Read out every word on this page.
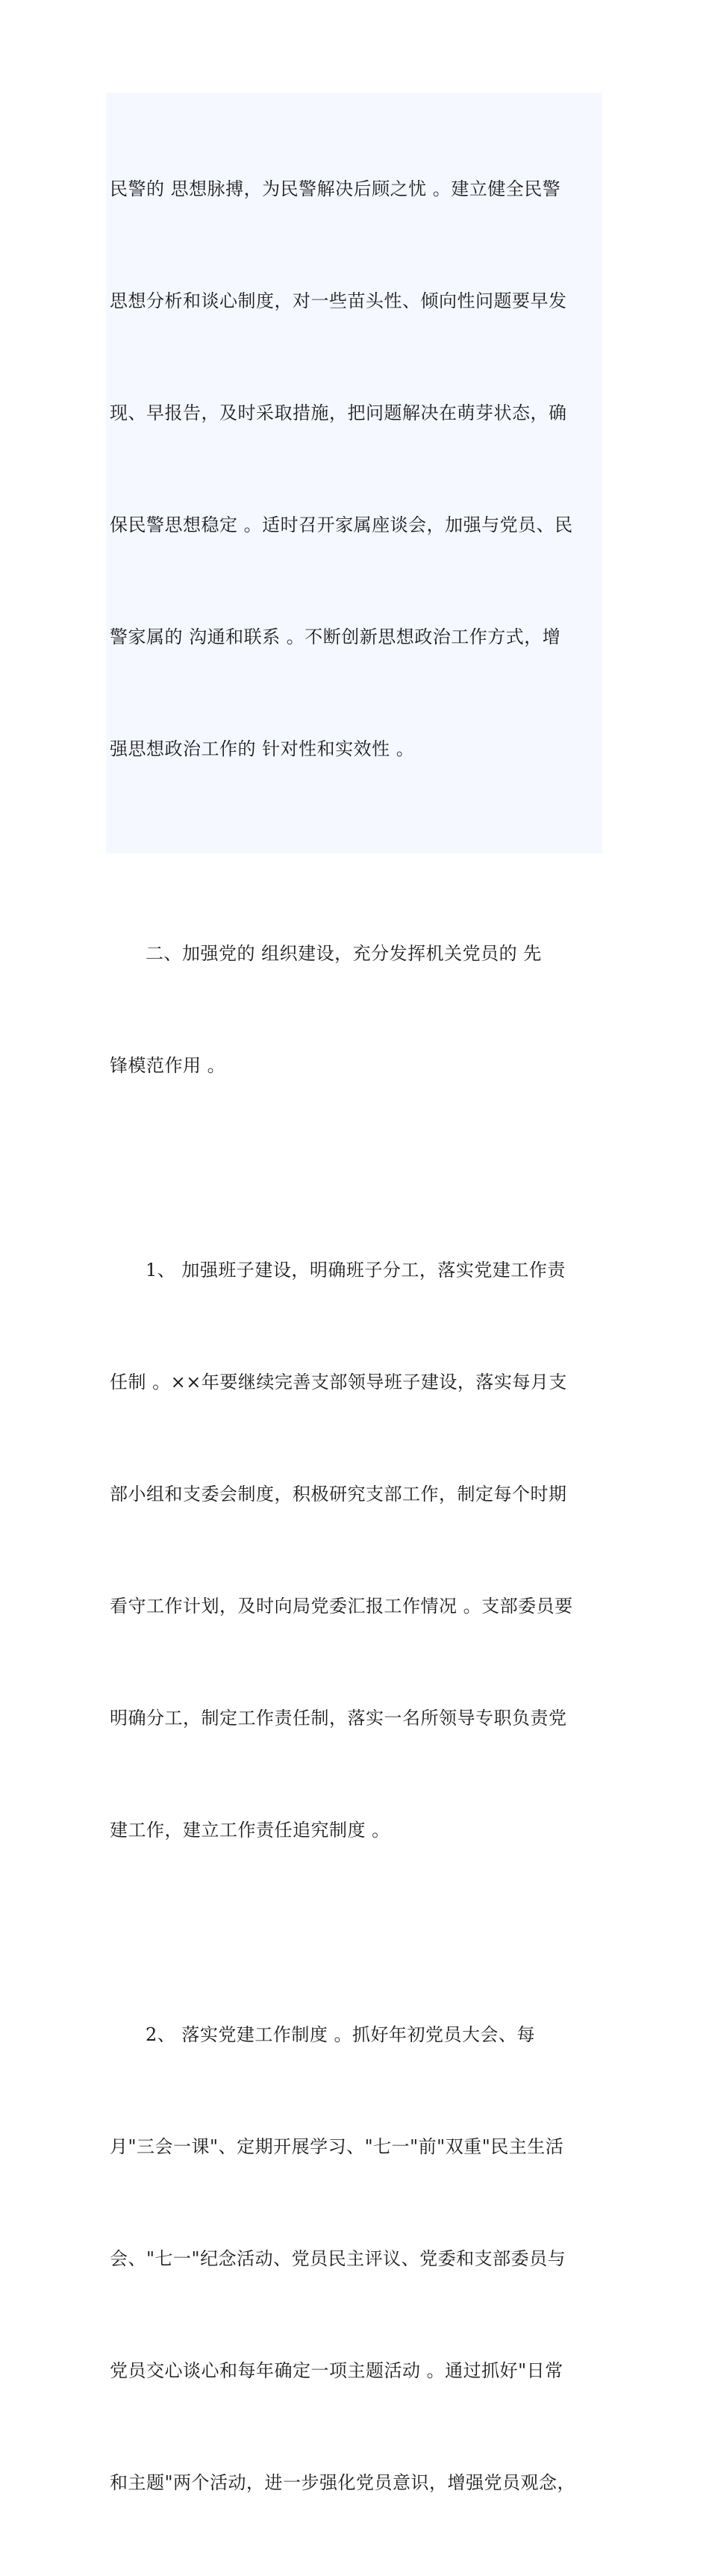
民警的 思想脉搏，为民警解决后顾之忧 。建立健全民警

思想分析和谈心制度，对一些苗头性、倾向性问题要早发

现、早报告，及时采取措施，把问题解决在萌芽状态，确

保民警思想稳定 。适时召开家属座谈会，加强与党员、民

警家属的 沟通和联系 。不断创新思想政治工作方式，增

强思想政治工作的 针对性和实效性 。

二、加强党的 组织建设，充分发挥机关党员的 先

锋模范作用 。

1、 加强班子建设，明确班子分工，落实党建工作责

任制 。××年要继续完善支部领导班子建设，落实每月支

部小组和支委会制度，积极研究支部工作，制定每个时期

看守工作计划，及时向局党委汇报工作情况 。支部委员要

明确分工，制定工作责任制，落实一名所领导专职负责党

建工作，建立工作责任追究制度 。

2、 落实党建工作制度 。抓好年初党员大会、每

月"三会一课"、定期开展学习、"七一"前"双重"民主生活

会、"七一"纪念活动、党员民主评议、党委和支部委员与

党员交心谈心和每年确定一项主题活动 。通过抓好"日常

和主题"两个活动，进一步强化党员意识，增强党员观念，
